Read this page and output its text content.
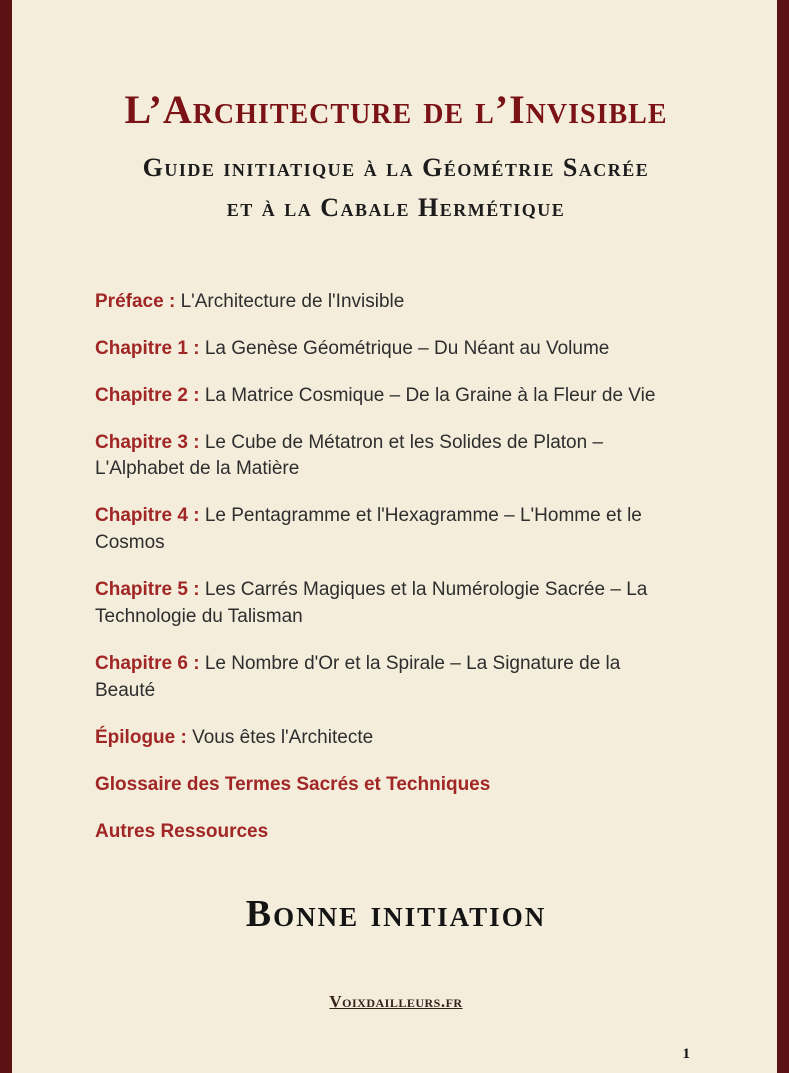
L’Architecture de l’Invisible
Guide initiatique à la Géométrie Sacrée
et à la Cabale Hermétique

Préface : L'Architecture de l'Invisible

Chapitre 1 : La Genèse Géométrique – Du Néant au Volume

Chapitre 2 : La Matrice Cosmique – De la Graine à la Fleur de Vie

Chapitre 3 : Le Cube de Métatron et les Solides de Platon – L'Alphabet de la Matière

Chapitre 4 : Le Pentagramme et l'Hexagramme – L'Homme et le Cosmos

Chapitre 5 : Les Carrés Magiques et la Numérologie Sacrée – La Technologie du Talisman

Chapitre 6 : Le Nombre d'Or et la Spirale – La Signature de la Beauté

Épilogue : Vous êtes l'Architecte

Glossaire des Termes Sacrés et Techniques

Autres Ressources

Bonne initiation
Voixdailleurs.fr
1
